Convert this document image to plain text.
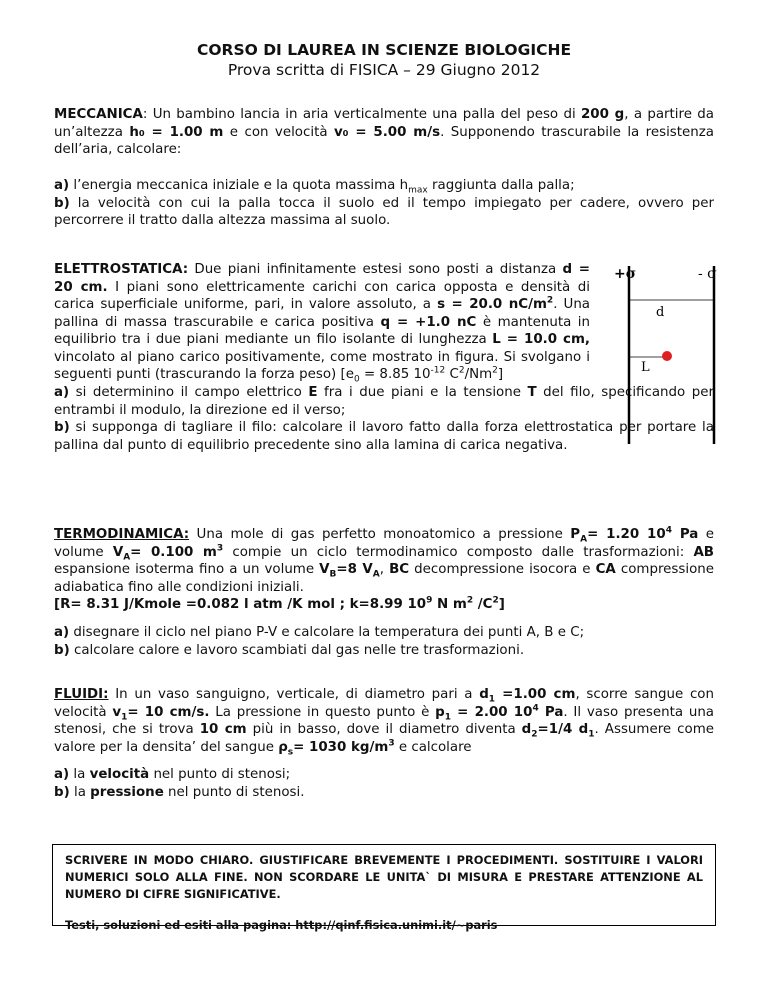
CORSO DI LAUREA IN SCIENZE BIOLOGICHE
Prova scritta di FISICA – 29 Giugno 2012

MECCANICA: Un bambino lancia in aria verticalmente una palla del peso di 200 g, a partire da un’altezza h₀ = 1.00 m e con velocità v₀ = 5.00 m/s. Supponendo trascurabile la resistenza dell’aria, calcolare:

a) l’energia meccanica iniziale e la quota massima $h_{max}$ raggiunta dalla palla;
b) la velocità con cui la palla tocca il suolo ed il tempo impiegato per cadere, ovvero per percorrere il tratto dalla altezza massima al suolo.

ELETTROSTATICA: Due piani infinitamente estesi sono posti a distanza d = 20 cm. I piani sono elettricamente carichi con carica opposta e densità di carica superficiale uniforme, pari, in valore assoluto, a s = 20.0 $nC/m^2$. Una pallina di massa trascurabile e carica positiva q = +1.0 nC è mantenuta in equilibrio tra i due piani mediante un filo isolante di lunghezza L = 10.0 cm, vincolato al piano carico positivamente, come mostrato in figura. Si svolgano i seguenti punti (trascurando la forza peso) [$e_0 = 8.85$ $10^{-12}$ $C^2/Nm^2$]

a) si determinino il campo elettrico E fra i due piani e la tensione T del filo, specificando per entrambi il modulo, la direzione ed il verso;
b) si supponga di tagliare il filo: calcolare il lavoro fatto dalla forza elettrostatica per portare la pallina dal punto di equilibrio precedente sino alla lamina di carica negativa.

+σ	- σ
d
L

TERMODINAMICA: Una mole di gas perfetto monoatomico a pressione $P_A= 1.20$ $10^4$ Pa e volume $V_A= 0.100$ $m^3$ compie un ciclo termodinamico composto dalle trasformazioni: AB espansione isoterma fino a un volume $V_B=8$ $V_A$, BC decompressione isocora e CA compressione adiabatica fino alle condizioni iniziali.
[R= 8.31 J/Kmole =0.082 l atm /K mol ; k=8.99 $10^9$ N $m^2$ $/C^2$]

a) disegnare il ciclo nel piano P-V e calcolare la temperatura dei punti A, B e C;
b) calcolare calore e lavoro scambiati dal gas nelle tre trasformazioni.

FLUIDI: In un vaso sanguigno, verticale, di diametro pari a $d_1 =1.00$ cm, scorre sangue con velocità $v_1= 10$ cm/s. La pressione in questo punto è $p_1 = 2.00$ $10^4$ Pa. Il vaso presenta una stenosi, che si trova 10 cm più in basso, dove il diametro diventa $d_2=1/4$ $d_1$. Assumere come valore per la densita’ del sangue $\rho_s= 1030$ $kg/m^3$ e calcolare

a) la velocità nel punto di stenosi;
b) la pressione nel punto di stenosi.

SCRIVERE IN MODO CHIARO. GIUSTIFICARE BREVEMENTE I PROCEDIMENTI. SOSTITUIRE I VALORI NUMERICI SOLO ALLA FINE. NON SCORDARE LE UNITA` DI MISURA E PRESTARE ATTENZIONE AL NUMERO DI CIFRE SIGNIFICATIVE.
Testi, soluzioni ed esiti alla pagina: http://qinf.fisica.unimi.it/~paris
